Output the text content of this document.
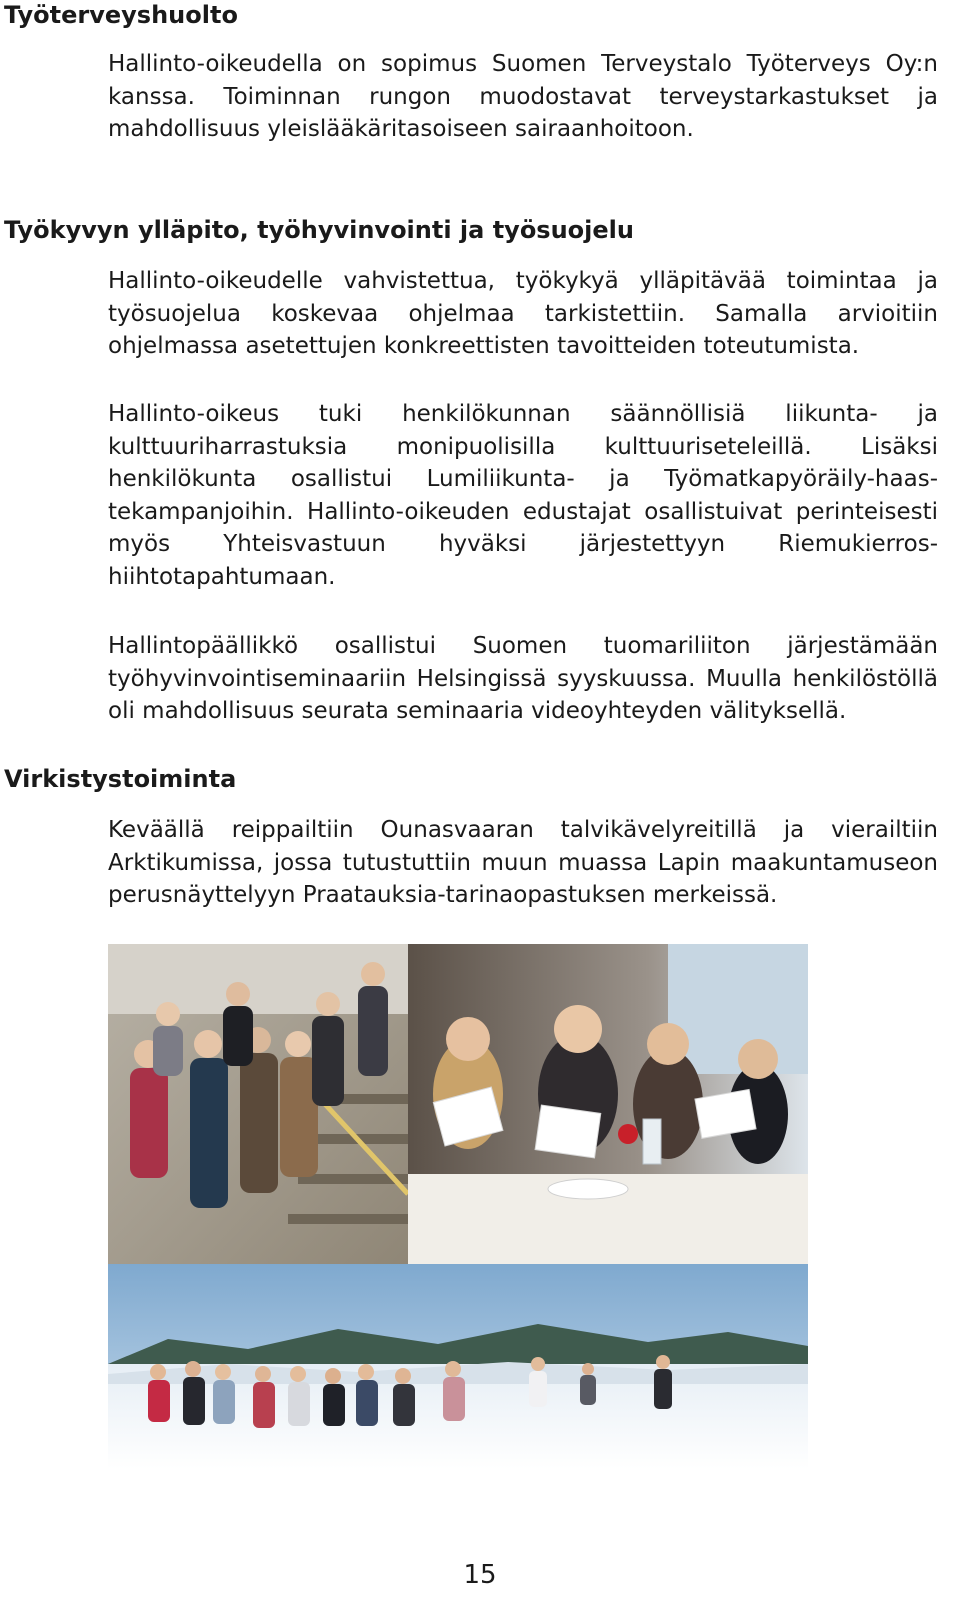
Työterveyshuolto

Hallinto-oikeudella on sopimus Suomen Terveystalo Työterveys Oy:n kanssa. Toiminnan rungon muodostavat terveystarkastukset ja mahdollisuus yleislääkäritasoiseen sairaanhoitoon.

Työkyvyn ylläpito, työhyvinvointi ja työsuojelu

Hallinto-oikeudelle vahvistettua, työkykyä ylläpitävää toimintaa ja työsuojelua koskevaa ohjelmaa tarkistettiin. Samalla arvioitiin ohjelmassa asetettujen konkreettisten tavoitteiden toteutumista.

Hallinto-oikeus tuki henkilökunnan säännöllisiä liikunta- ja kulttuuriharrastuksia monipuolisilla kulttuuriseteleillä. Lisäksi henkilökunta osallistui Lumiliikunta- ja Työmatkapyöräily-haastekampanjoihin. Hallinto-oikeuden edustajat osallistuivat perinteisesti myös Yhteisvastuun hyväksi järjestettyyn Riemukierroshiihtotapahtumaan.

Hallintopäällikkö osallistui Suomen tuomariliiton järjestämään työhyvinvointiseminaariin Helsingissä syyskuussa. Muulla henkilöstöllä oli mahdollisuus seurata seminaaria videoyhteyden välityksellä.

Virkistystoiminta

Keväällä reippailtiin Ounasvaaran talvikävelyreitillä ja vierailtiin Arktikumissa, jossa tutustuttiin muun muassa Lapin maakuntamuseon perusnäyttelyyn Praatauksia-tarinaopastuksen merkeissä.

15
